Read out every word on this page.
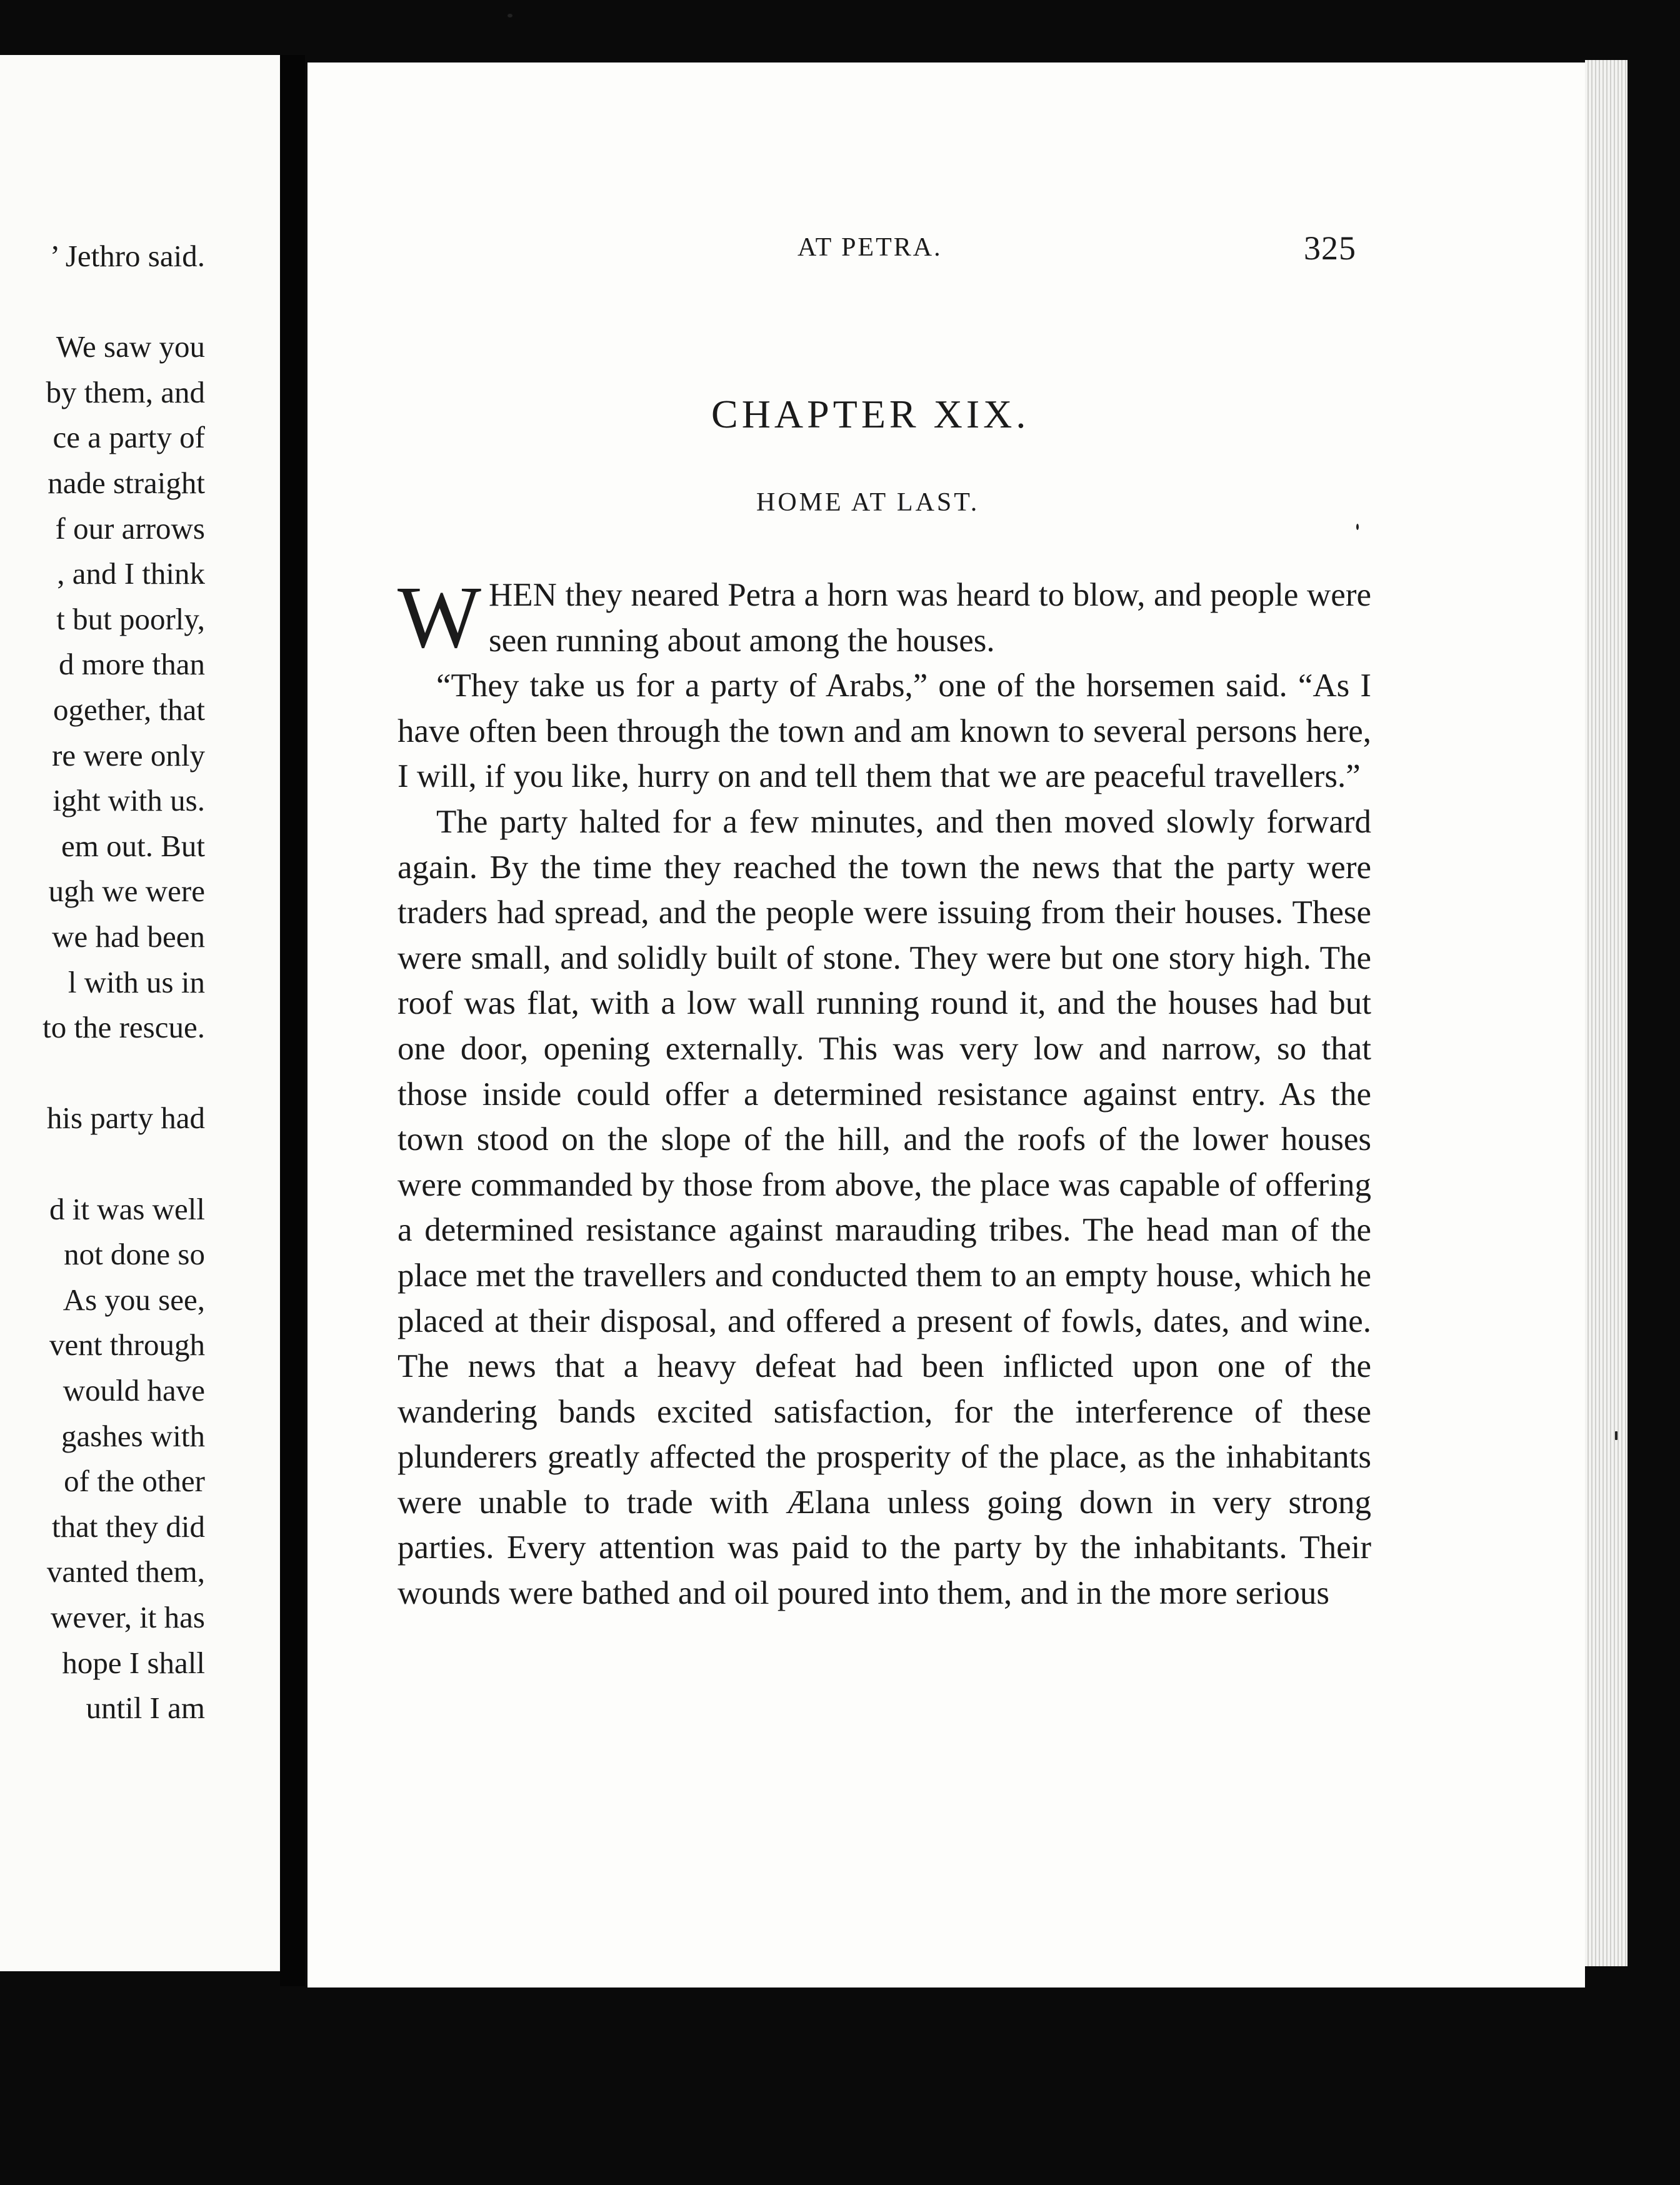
’ Jethro said.
We saw you
by them, and
ce a party of
nade straight
f our arrows
, and I think
t but poorly,
d more than
ogether, that
re were only
ight with us.
em out. But
ugh we were
we had been
l with us in
to the rescue.
his party had
d it was well
not done so
As you see,
vent through
would have
gashes with
of the other
that they did
vanted them,
wever, it has
hope I shall
until I am
AT PETRA.	325
CHAPTER XIX.
HOME AT LAST.

WHEN they neared Petra a horn was heard to blow, and people were seen running about among the houses.

“They take us for a party of Arabs,” one of the horsemen said. “As I have often been through the town and am known to several persons here, I will, if you like, hurry on and tell them that we are peaceful travellers.”

The party halted for a few minutes, and then moved slowly forward again. By the time they reached the town the news that the party were traders had spread, and the people were issuing from their houses. These were small, and solidly built of stone. They were but one story high. The roof was flat, with a low wall running round it, and the houses had but one door, opening externally. This was very low and narrow, so that those inside could offer a determined resistance against entry. As the town stood on the slope of the hill, and the roofs of the lower houses were commanded by those from above, the place was capable of offering a determined resistance against marauding tribes. The head man of the place met the travellers and conducted them to an empty house, which he placed at their disposal, and offered a present of fowls, dates, and wine. The news that a heavy defeat had been inflicted upon one of the wandering bands excited satisfaction, for the interference of these plunderers greatly affected the prosperity of the place, as the inhabitants were unable to trade with Ælana unless going down in very strong parties. Every attention was paid to the party by the inhabitants. Their wounds were bathed and oil poured into them, and in the more serious
